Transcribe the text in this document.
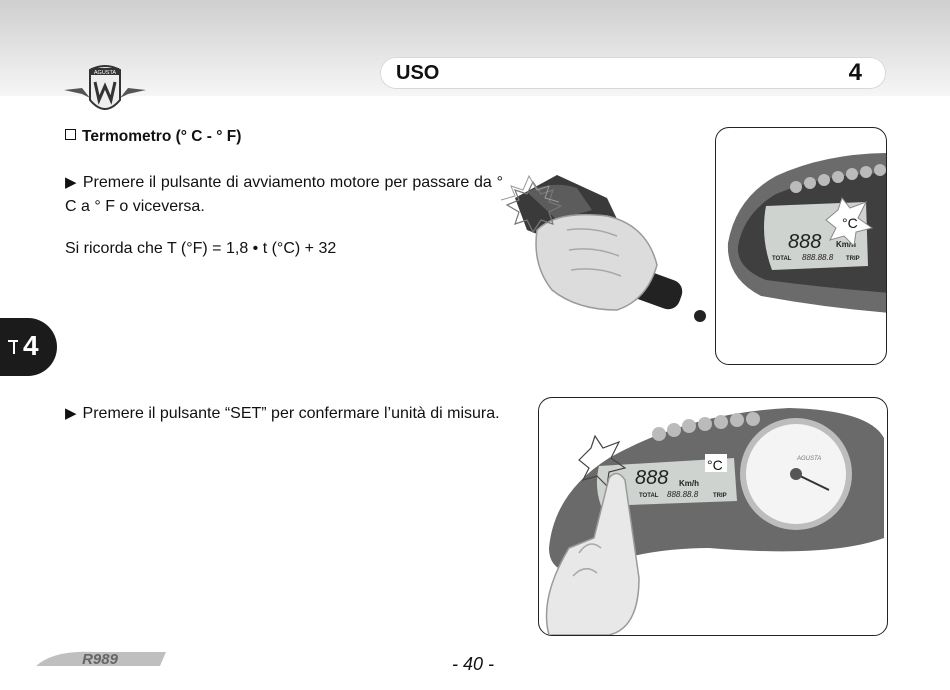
AGUSTA	USO	4
Termometro (° C - ° F)

▶ Premere il pulsante di avviamento motore per passare da ° C a ° F o viceversa.

Si ricorda che T (°F) = 1,8 • t (°C) + 32

▶ Premere il pulsante “SET” per confermare l’unità di misura.

4
888 Km/h
TOTAL 888.88.8 TRIP
°C
888 Km/h
TOTAL 888.88.8 TRIP
°C	AGUSTA
R989	- 40 -
